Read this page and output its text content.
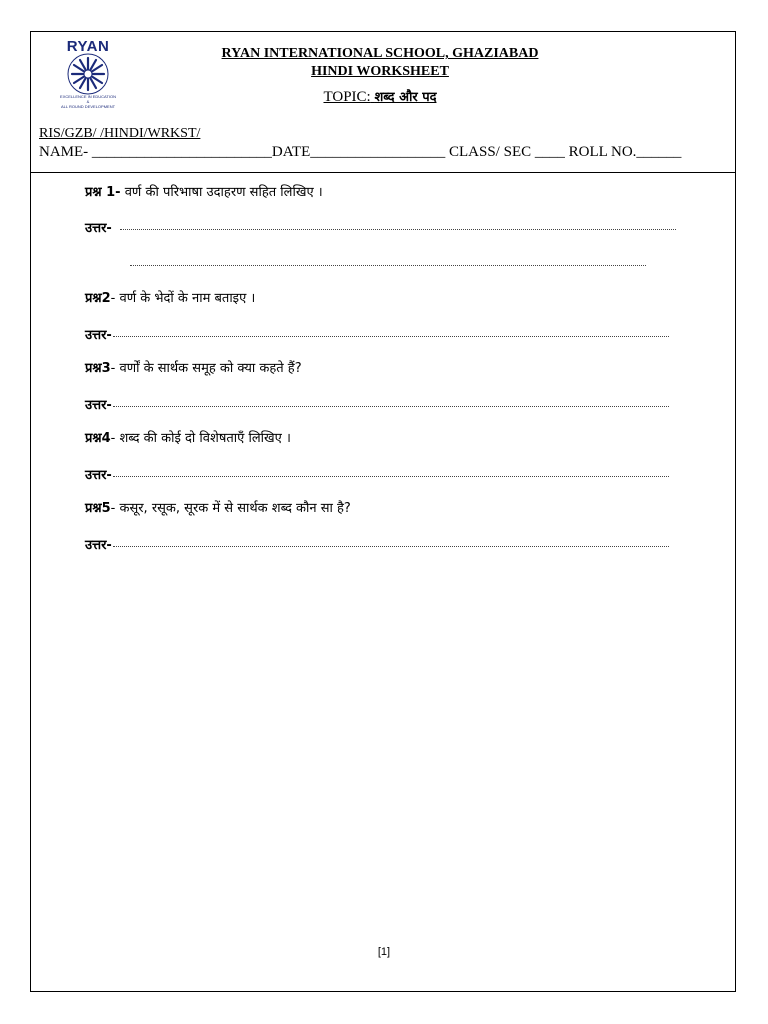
RYAN
EXCELLENCE IN EDUCATION
&
ALL ROUND DEVELOPMENT
RYAN INTERNATIONAL SCHOOL, GHAZIABAD
HINDI WORKSHEET
TOPIC: शब्द और पद
RIS/GZB/ /HINDI/WRKST/
NAME- ________________________DATE__________________ CLASS/ SEC ____ ROLL NO.______
प्रश्न 1- वर्ण की परिभाषा उदाहरण सहित लिखिए ।
उत्तर-
प्रश्न2- वर्ण के भेदों के नाम बताइए ।
उत्तर-
प्रश्न3- वर्णों के सार्थक समूह को क्या कहते हैं?
उत्तर-
प्रश्न4- शब्द की कोई दो विशेषताएँ लिखिए ।
उत्तर-
प्रश्न5- कसूर, रसूक, सूरक में से सार्थक शब्द कौन सा है?
उत्तर-
[1]
